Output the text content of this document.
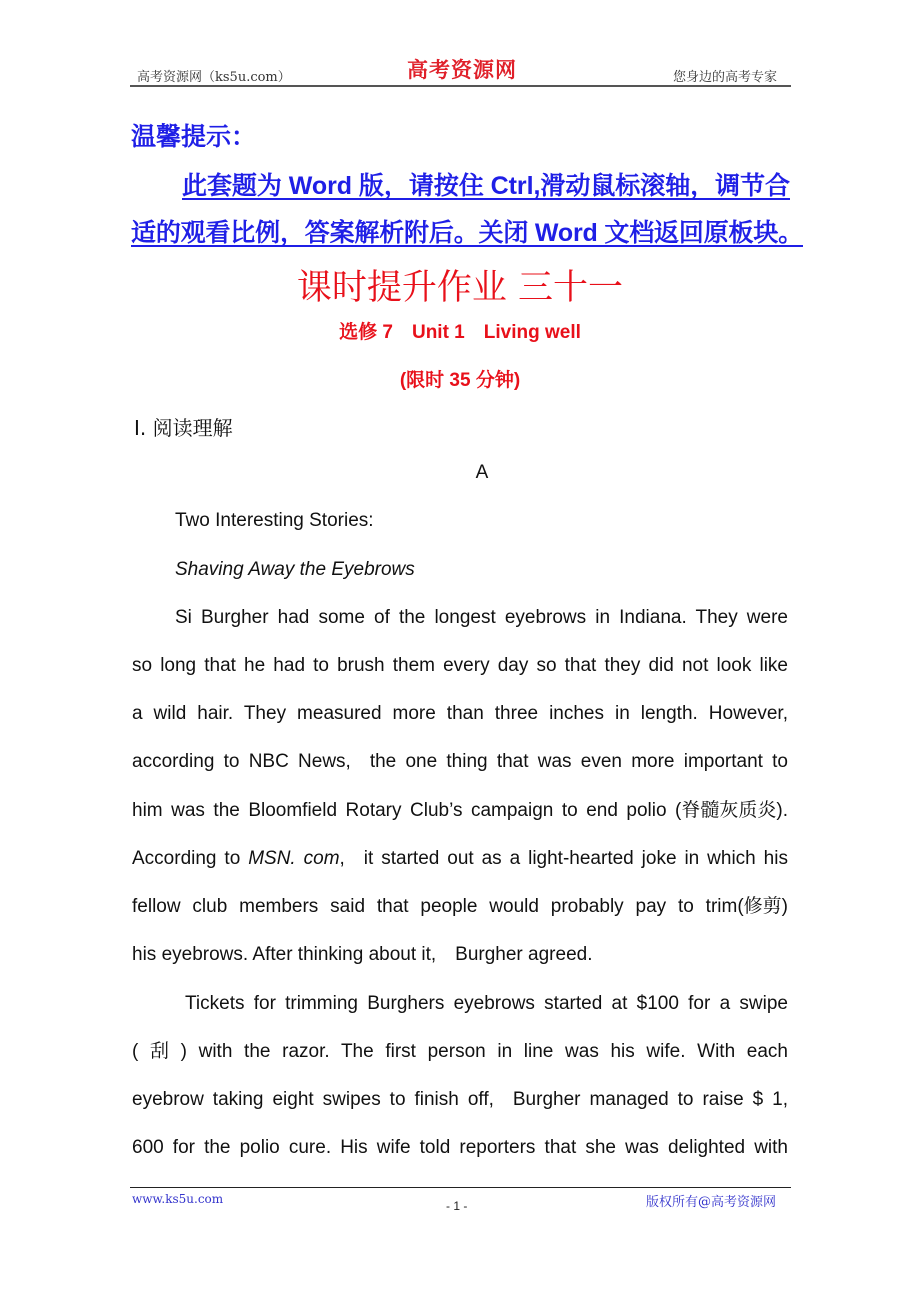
高考资源网（ks5u.com）	高考资源网	您身边的高考专家
温馨提示：
此套题为 Word 版，请按住 Ctrl,滑动鼠标滚轴，调节合
适的观看比例，答案解析附后。关闭 Word 文档返回原板块。
课时提升作业 三十一
选修 7　Unit 1　Living well
(限时 35 分钟)
Ⅰ. 阅读理解
A
Two Interesting Stories:
Shaving Away the Eyebrows
Si Burgher had some of the longest eyebrows in Indiana. They were
so long that he had to brush them every day so that they did not look like
a wild hair. They measured more than three inches in length. However,
according to NBC News,　the one thing that was even more important to
him was the Bloomfield Rotary Club’s campaign to end polio (脊髓灰质炎).
According to MSN. com,　it started out as a light-hearted joke in which his
fellow club members said that people would probably pay to trim(修剪)
his eyebrows. After thinking about it,　Burgher agreed.
Tickets for trimming Burghers eyebrows started at $100 for a swipe
( 刮 ) with the razor. The first person in line was his wife. With each
eyebrow taking eight swipes to finish off,　Burgher managed to raise $ 1,
600 for the polio cure. His wife told reporters that she was delighted with
www.ks5u.com	- 1 -	版权所有@高考资源网
